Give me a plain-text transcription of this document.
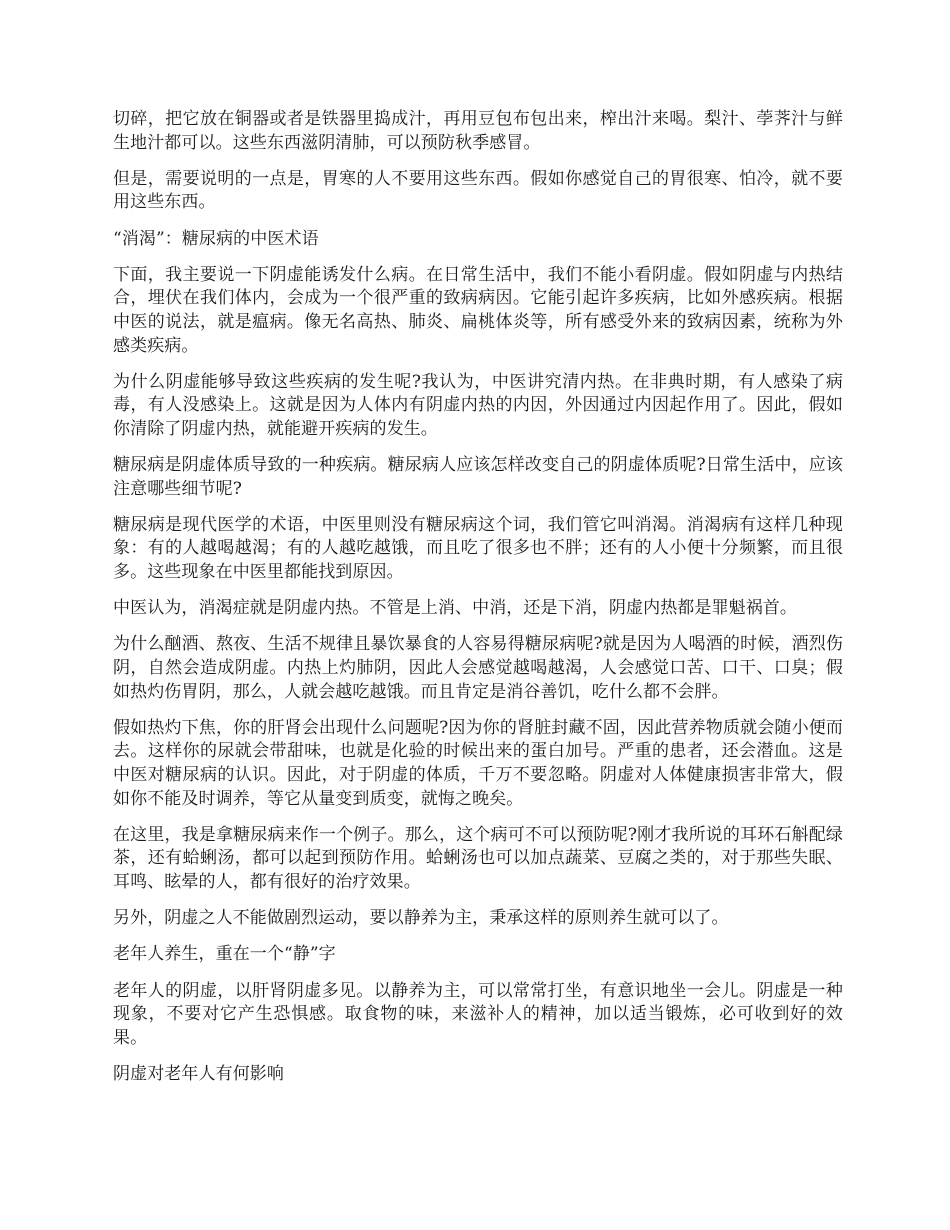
切碎，把它放在铜器或者是铁器里捣成汁，再用豆包布包出来，榨出汁来喝。梨汁、荸荠汁与鲜生地汁都可以。这些东西滋阴清肺，可以预防秋季感冒。

但是，需要说明的一点是，胃寒的人不要用这些东西。假如你感觉自己的胃很寒、怕冷，就不要用这些东西。

“消渴”：糖尿病的中医术语

下面，我主要说一下阴虚能诱发什么病。在日常生活中，我们不能小看阴虚。假如阴虚与内热结合，埋伏在我们体内，会成为一个很严重的致病病因。它能引起许多疾病，比如外感疾病。根据中医的说法，就是瘟病。像无名高热、肺炎、扁桃体炎等，所有感受外来的致病因素，统称为外感类疾病。

为什么阴虚能够导致这些疾病的发生呢?我认为，中医讲究清内热。在非典时期，有人感染了病毒，有人没感染上。这就是因为人体内有阴虚内热的内因，外因通过内因起作用了。因此，假如你清除了阴虚内热，就能避开疾病的发生。

糖尿病是阴虚体质导致的一种疾病。糖尿病人应该怎样改变自己的阴虚体质呢?日常生活中，应该注意哪些细节呢?

糖尿病是现代医学的术语，中医里则没有糖尿病这个词，我们管它叫消渴。消渴病有这样几种现象：有的人越喝越渴；有的人越吃越饿，而且吃了很多也不胖；还有的人小便十分频繁，而且很多。这些现象在中医里都能找到原因。

中医认为，消渴症就是阴虚内热。不管是上消、中消，还是下消，阴虚内热都是罪魁祸首。

为什么酗酒、熬夜、生活不规律且暴饮暴食的人容易得糖尿病呢?就是因为人喝酒的时候，酒烈伤阴，自然会造成阴虚。内热上灼肺阴，因此人会感觉越喝越渴，人会感觉口苦、口干、口臭；假如热灼伤胃阴，那么，人就会越吃越饿。而且肯定是消谷善饥，吃什么都不会胖。

假如热灼下焦，你的肝肾会出现什么问题呢?因为你的肾脏封藏不固，因此营养物质就会随小便而去。这样你的尿就会带甜味，也就是化验的时候出来的蛋白加号。严重的患者，还会潜血。这是中医对糖尿病的认识。因此，对于阴虚的体质，千万不要忽略。阴虚对人体健康损害非常大，假如你不能及时调养，等它从量变到质变，就悔之晚矣。

在这里，我是拿糖尿病来作一个例子。那么，这个病可不可以预防呢?刚才我所说的耳环石斛配绿茶，还有蛤蜊汤，都可以起到预防作用。蛤蜊汤也可以加点蔬菜、豆腐之类的，对于那些失眠、耳鸣、眩晕的人，都有很好的治疗效果。

另外，阴虚之人不能做剧烈运动，要以静养为主，秉承这样的原则养生就可以了。

老年人养生，重在一个“静”字

老年人的阴虚，以肝肾阴虚多见。以静养为主，可以常常打坐，有意识地坐一会儿。阴虚是一种现象，不要对它产生恐惧感。取食物的味，来滋补人的精神，加以适当锻炼，必可收到好的效果。

阴虚对老年人有何影响
